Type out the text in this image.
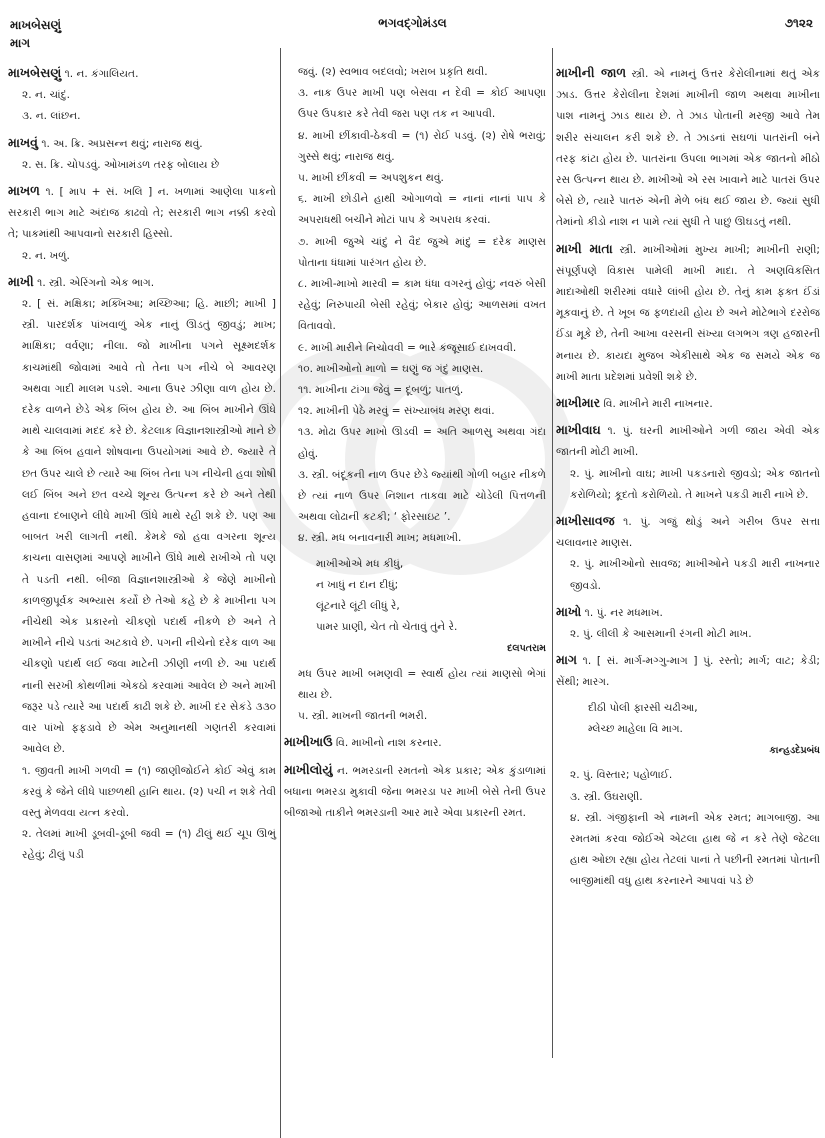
માખબેસણું
માગ
ભગવદ્ગોમંડલ	૭૧૨૨
માખબેસણું ૧. ન. કંગાલિયત.
૨. ન. ચાંદું.
૩. ન. લાંછન.
માખવું ૧. અ. ક્રિ. અપ્રસન્ન થવું; નારાજ થવું.
૨. સ. ક્રિ. ચોપડવું. ઓખામંડળ તરફ બોલાય છે
માખળ ૧. [ માપ + સં. ખલિ ] ન. ખળામાં આણેલા પાકનો સરકારી ભાગ માટે અંદાજ કાઢવો તે; સરકારી ભાગ નક્કી કરવો તે; પાકમાંથી આપવાનો સરકારી હિસ્સો.
૨. ન. ખળું.
માખી ૧. સ્ત્રી. એરિંગનો એક ભાગ.
૨. [ સં. મક્ષિકા; મક્ખિઆ; મચ્છિઆ; હિ. માછી; માખી ] સ્ત્રી. પારદર્શક પાંખવાળું એક નાનું ઊડતું જીવડું; માખ; માક્ષિકા; વર્વણા; નીલા. જો માખીના પગને સૂક્ષ્મદર્શક કાચમાંથી જોવામાં આવે તો તેના પગ નીચે બે આવરણ અથવા ગાદી માલમ પડશે. આના ઉપર ઝીણા વાળ હોય છે. દરેક વાળને છેડે એક બિંબ હોય છે. આ બિંબ માખીને ઊંધે માથે ચાલવામાં મદદ કરે છે. કેટલાક વિજ્ઞાનશાસ્ત્રીઓ માને છે કે આ બિંબ હવાને શોષવાના ઉપયોગમાં આવે છે. જ્યારે તે છત ઉપર ચાલે છે ત્યારે આ બિંબ તેના પગ નીચેની હવા શોષી લઈ બિંબ અને છત વચ્ચે શૂન્ય ઉત્પન્ન કરે છે અને તેથી હવાના દબાણને લીધે માખી ઊંધે માથે રહી શકે છે. પણ આ બાબત ખરી લાગતી નથી. કેમકે જો હવા વગરના શૂન્ય કાચના વાસણમાં આપણે માખીને ઊંધે માથે રાખીએ તો પણ તે પડતી નથી. બીજા વિજ્ઞાનશાસ્ત્રીઓ કે જેણે માખીનો કાળજીપૂર્વક અભ્યાસ કર્યો છે તેઓ કહે છે કે માખીના પગ નીચેથી એક પ્રકારનો ચીકણો પદાર્થ નીકળે છે અને તે માખીને નીચે પડતાં અટકાવે છે. પગની નીચેનો દરેક વાળ આ ચીકણો પદાર્થ લઈ જવા માટેની ઝીણી નળી છે. આ પદાર્થ નાની સરખી કોથળીમાં એકઠો કરવામાં આવેલ છે અને માખી જરૂર પડે ત્યારે આ પદાર્થ કાઢી શકે છે. માખી દર સેકંડે ૩૩૦ વાર પાંખો ફફડાવે છે એમ અનુમાનથી ગણતરી કરવામાં આવેલ છે.
૧. જીવતી માખી ગળવી = (૧) જાણીજોઈને કોઈ એવું કામ કરવું કે જેને લીધે પાછળથી હાનિ થાય. (૨) પચી ન શકે તેવી વસ્તુ મેળવવા યત્ન કરવો.
૨. તેલમાં માખી ડૂબવી-ડૂબી જવી = (૧) ઢીલું થઈ ચૂપ ઊભું રહેવું; ઢીલું પડી
જવું. (૨) સ્વભાવ બદલવો; ખરાબ પ્રકૃતિ થવી.
૩. નાક ઉપર માખી પણ બેસવા ન દેવી = કોઈ આપણા ઉપર ઉપકાર કરે તેવી જરા પણ તક ન આપવી.
૪. માખી છીંકાવી-ઠેકવી = (૧) રોઈ પડવું. (૨) રોષે ભરાવું; ગુસ્સે થવું; નારાજ થવું.
૫. માખી છીંકવી = અપશુકન થવું.
૬. માખી છોડીને હાથી ઓગાળવો = નાનાં નાનાં પાપ કે અપરાધથી બચીને મોટાં પાપ કે અપરાધ કરવાં.
૭. માખી જુએ ચાંદું ને વૈદ જુએ માંદું = દરેક માણસ પોતાના ધંધામાં પારંગત હોય છે.
૮. માખી-માખો મારવી = કામ ધંધા વગરનું હોવું; નવરું બેસી રહેવું; નિરુપાયી બેસી રહેવું; બેકાર હોવું; આળસમાં વખત વિતાવવો.
૯. માખી મારીને નિચોવવી = ભારે કંજૂસાઈ દાખવવી.
૧૦. માખીઓનો માળો = ઘણું જ ગંદું માણસ.
૧૧. માખીના ટાંગા જેવું = દૂબળું; પાતળું.
૧૨. માખીની પેઠે મરવું = સંખ્યાબંધ મરણ થવાં.
૧૩. મોઢા ઉપર માખો ઊડવી = અતિ આળસુ અથવા ગંદા હોવું.
૩. સ્ત્રી. બંદૂકની નાળ ઉપર છેડે જ્યાંથી ગોળી બહાર નીકળે છે ત્યાં નાળ ઉપર નિશાન તાકવા માટે ચોડેલી પિત્તળની અથવા લોઢાની કટકી; ‘ ફોરસાઇટ ’.
૪. સ્ત્રી. મધ બનાવનારી માખ; મધમાખી.
માખીઓએ મધ કીધું,
ન ખાધું ન દાન દીધું;
લૂંટનારે લૂંટી લીધું રે,
પામર પ્રાણી, ચેત તો ચેતાવું તુંને રે.
દલપતરામ
મધ ઉપર માખી બમણવી = સ્વાર્થ હોય ત્યાં માણસો ભેગાં થાય છે.
૫. સ્ત્રી. માખની જાતની ભમરી.
માખીખાઉ વિ. માખીનો નાશ કરનાર.
માખીલોયું ન. ભમરડાની રમતનો એક પ્રકાર; એક કુંડાળામાં બધાના ભમરડા મુકાવી જેના ભમરડા પર માખી બેસે તેની ઉપર બીજાઓ તાકીને ભમરડાની આર મારે એવા પ્રકારની રમત.
માખીની જાળ સ્ત્રી. એ નામનું ઉત્તર કેરોલીનામાં થતું એક ઝાડ. ઉત્તર કેરોલીના દેશમાં માખીની જાળ અથવા માખીના પાશ નામનું ઝાડ થાય છે. તે ઝાડ પોતાની મરજી આવે તેમ શરીર સંચાલન કરી શકે છે. તે ઝાડનાં સઘળાં પાતરાંની બંને તરફ કાંટા હોય છે. પાતરાંના ઉપલા ભાગમાં એક જાતનો મીઠો રસ ઉત્પન્ન થાય છે. માખીઓ એ રસ ખાવાને માટે પાતરાં ઉપર બેસે છે, ત્યારે પાતરું એની મેળે બંધ થઈ જાય છે. જ્યાં સુધી તેમાંનો કીડો નાશ ન પામે ત્યાં સુધી તે પાછું ઊઘડતું નથી.
માખી માતા સ્ત્રી. માખીઓમાં મુખ્ય માખી; માખીની રાણી; સંપૂર્ણપણે વિકાસ પામેલી માખી માદા. તે અણવિકસિત માદાઓથી શરીરમાં વધારે લાંબી હોય છે. તેનું કામ ફક્ત ઈંડાં મૂકવાનું છે. તે ખૂબ જ ફળદાયી હોય છે અને મોટેભાગે દરરોજ ઈંડા મૂકે છે, તેની આખા વરસની સંખ્યા લગભગ ત્રણ હજારની મનાય છે. કાયદા મુજબ એકીસાથે એક જ સમયે એક જ માખી માતા પ્રદેશમાં પ્રવેશી શકે છે.
માખીમાર વિ. માખીને મારી નાખનાર.
માખીવાઘ ૧. પું. ઘરની માખીઓને ગળી જાય એવી એક જાતની મોટી માખી.
૨. પું. માખીનો વાઘ; માખી પકડનારો જીવડો; એક જાતનો કરોળિયો; કૂદતો કરોળિયો. તે માખને પકડી મારી નાખે છે.
માખીસાવજ ૧. પું. ગજું થોડું અને ગરીબ ઉપર સત્તા ચલાવનાર માણસ.
૨. પું. માખીઓનો સાવજ; માખીઓને પકડી મારી નાખનાર જીવડો.
માખો ૧. પું. નર મધમાખ.
૨. પું. લીલી કે આસમાની રંગની મોટી માખ.
માગ ૧. [ સં. માર્ગ-મગ્ગુ-માગ ] પું. રસ્તો; માર્ગ; વાટ; કેડી; સેંથી; મારગ.
દીઠી પોલી ફારસી ચઢીઆ,
મ્લેચ્છ માહેલા વિ માગ.
કાન્હડદેપ્રબંધ
૨. પું. વિસ્તાર; પહોળાઈ.
૩. સ્ત્રી. ઉઘરાણી.
૪. સ્ત્રી. ગંજીફાની એ નામની એક રમત; માગબાજી. આ રમતમાં કરવા જોઈએ એટલા હાથ જે ન કરે તેણે જેટલા હાથ ઓછા રહ્યા હોય તેટલાં પાનાં તે પછીની રમતમાં પોતાની બાજીમાંથી વધુ હાથ કરનારને આપવાં પડે છે
